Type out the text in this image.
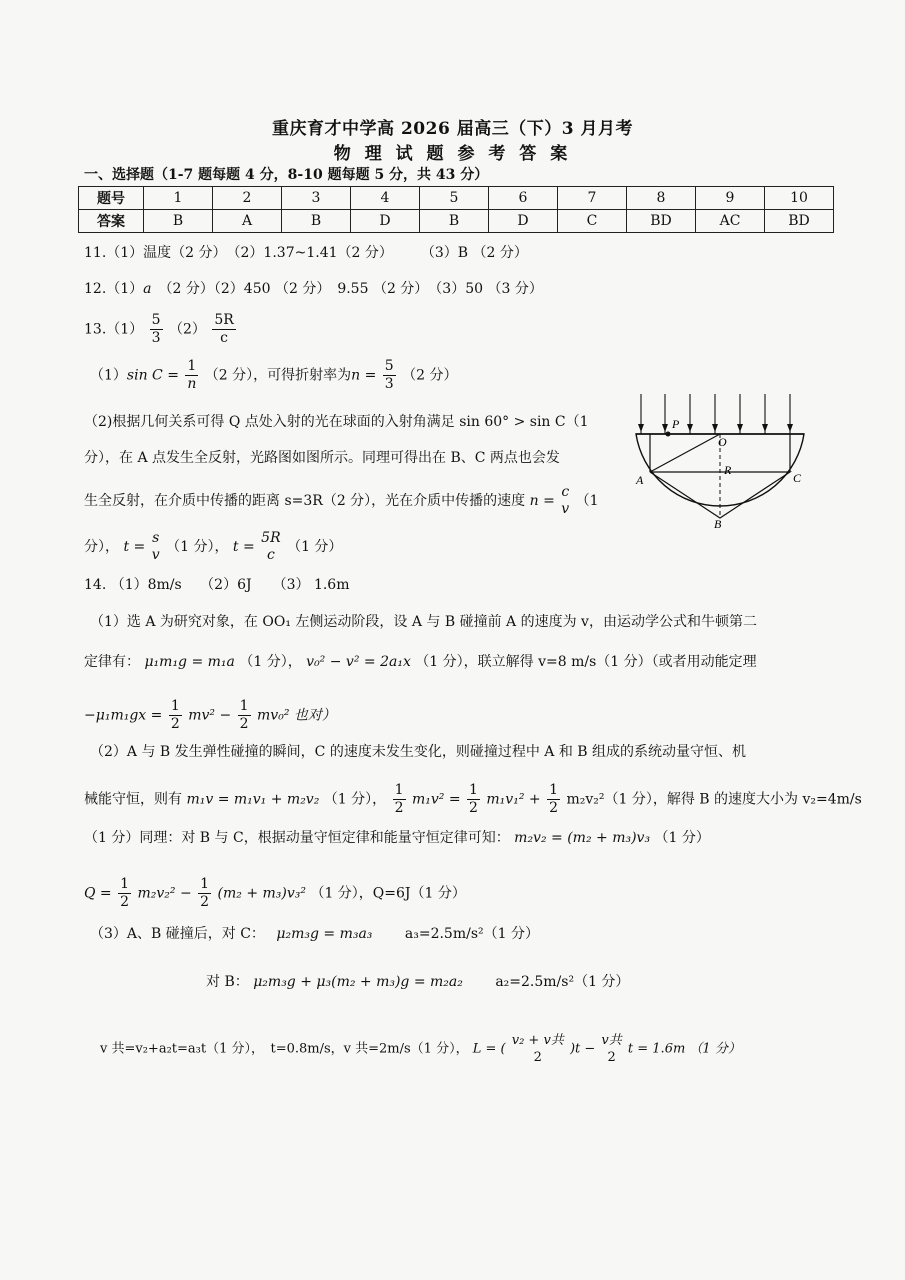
重庆育才中学高 2026 届高三（下）3 月月考
物 理 试 题 参 考 答 案
一、选择题（1-7 题每题 4 分，8-10 题每题 5 分，共 43 分）
题号	1	2	3	4	5	6	7	8	9	10
答案	B	A	B	D	B	D	C	BD	AC	BD
11.（1）温度（2 分）　（2）1.37~1.41（2 分）　　　（3）B （2 分）
12.（1）a　 （2 分）（2）450 （2 分）　9.55 （2 分）　（3）50 （3 分）
$13.(1) \frac{5}{3} (2) \frac{5R}{c}$
（1）sin $C = \frac{1}{n} (2$ 分），可得折射率为$n = \frac{5}{3} (2$ 分）
（2)根据几何关系可得 Q 点处入射的光在球面的入射角满足 sin 60° > sin C（1
分），在 A 点发生全反射，光路图如图所示。同理可得出在 B、C 两点也会发
生全反射，在介质中传播的距离 s=3R（2 分），光在介质中传播的速度 n =
c
v （1
分）， t =
s
v （1 分）， t =
5R
c （1 分）
P
O
R
A
B
C
14. （1）8m/s　 （2）6J　　（3） 1.6m
（1）选 A 为研究对象，在 OO₁ 左侧运动阶段，设 A 与 B 碰撞前 A 的速度为 v，由运动学公式和牛顿第二
定律有： μ₁m₁g = m₁a （1 分）， v₀² − v² = 2a₁x （1 分），联立解得 v=8 m/s（1 分）（或者用动能定理
$-\mu_1m_1gx = \frac{1}{2} mv^2 - \frac{1}{2} mv_0^2$ 也对）
（2）A 与 B 发生弹性碰撞的瞬间，C 的速度未发生变化，则碰撞过程中 A 和 B 组成的系统动量守恒、机
械能守恒，则有 m₁v = m₁v₁ + m₂v₂ （1 分）， $\frac{1}{2} m_1v^2 = \frac{1}{2} m_1v_1^2 + \frac{1}{2} m_2v_2^2(1$ 分），解得 B 的速度大小为 v₂=4m/s
（1 分）同理：对 B 与 C，根据动量守恒定律和能量守恒定律可知： m₂v₂ = (m₂ + m₃)v₃ （1 分）
$Q = \frac{1}{2} m_2v_2^2 - \frac{1}{2} (m_2 + m_3)v_3^2$ （1 分），Q=6J（1 分）
（3）A、B 碰撞后，对 C：　 μ₂m₃g = m₃a₃　　 a₃=2.5m/s²（1 分）
对 B： μ₂m₃g + μ₃(m₂ + m₃)g = m₂a₂　　 a₂=2.5m/s²（1 分）
v 共=v₂+a₂t=a₃t（1 分），　t=0.8m/s，v 共=2m/s（1 分）， L = (
v₂ + v共
2
)t −
v共
2
t = 1.6m （1 分）
